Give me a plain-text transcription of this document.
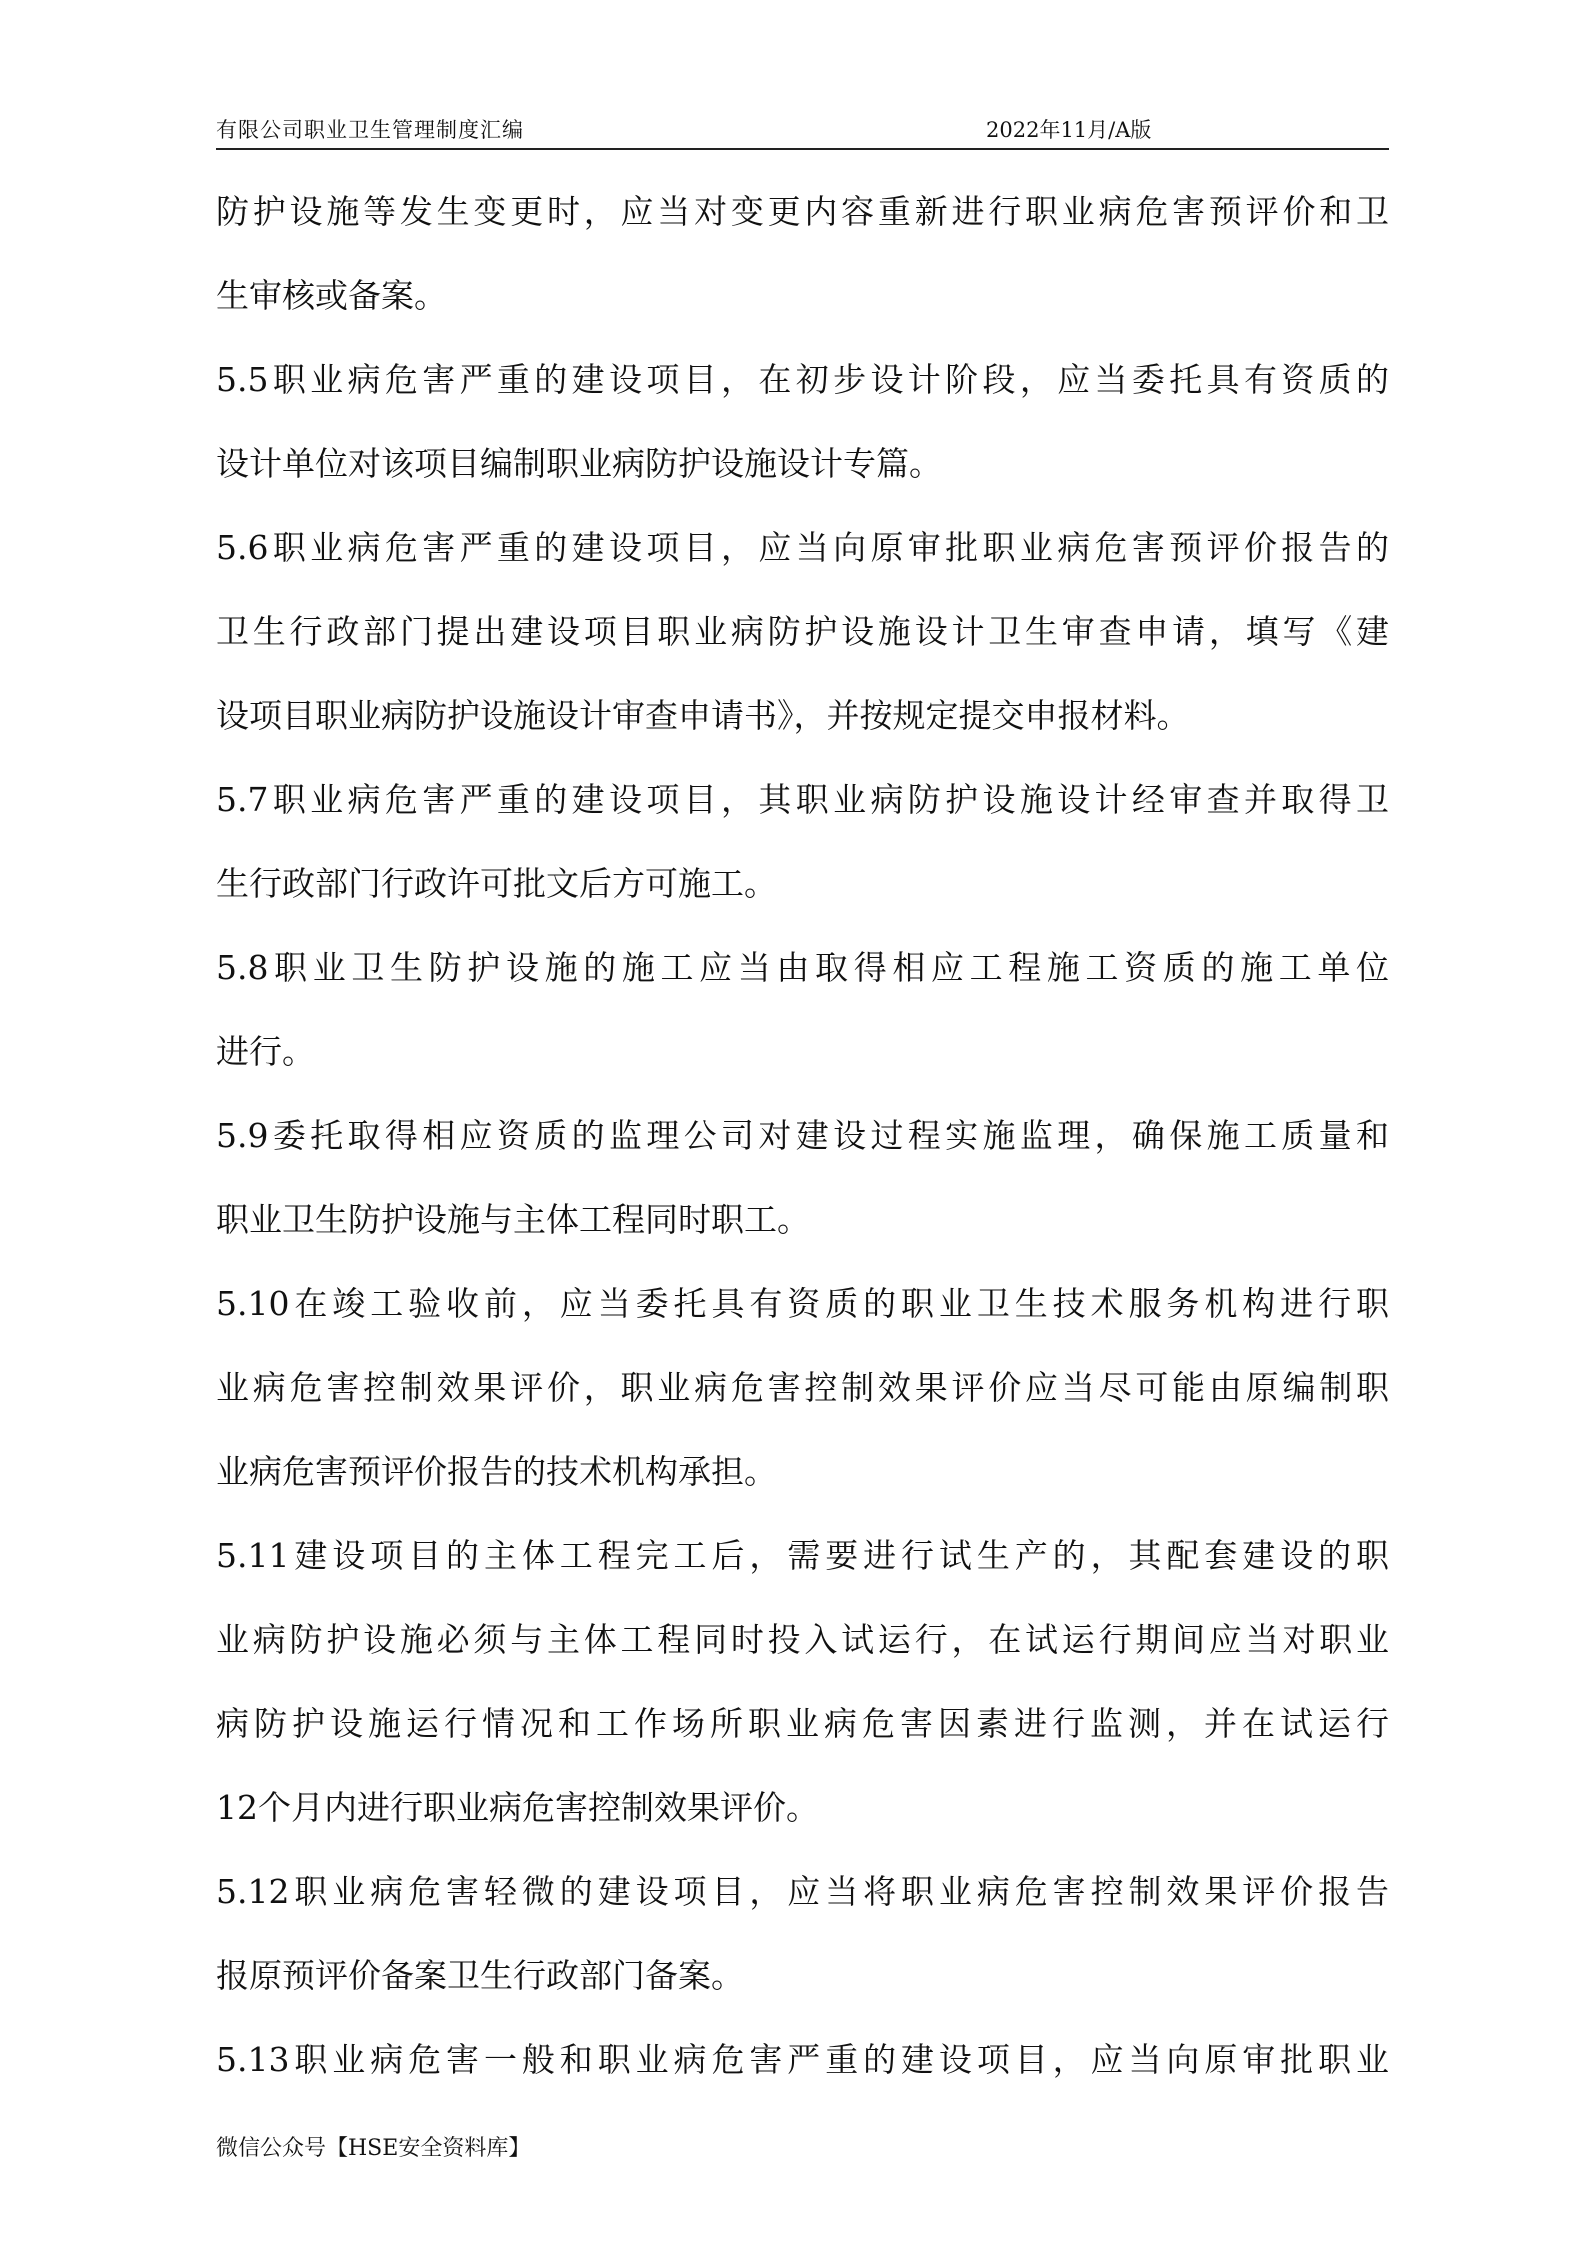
有限公司职业卫生管理制度汇编	2022年11月/A版
防护设施等发生变更时，应当对变更内容重新进行职业病危害预评价和卫
生审核或备案。
5.5职业病危害严重的建设项目，在初步设计阶段，应当委托具有资质的
设计单位对该项目编制职业病防护设施设计专篇。
5.6职业病危害严重的建设项目，应当向原审批职业病危害预评价报告的
卫生行政部门提出建设项目职业病防护设施设计卫生审查申请，填写《建
设项目职业病防护设施设计审查申请书》，并按规定提交申报材料。
5.7职业病危害严重的建设项目，其职业病防护设施设计经审查并取得卫
生行政部门行政许可批文后方可施工。
5.8职业卫生防护设施的施工应当由取得相应工程施工资质的施工单位
进行。
5.9委托取得相应资质的监理公司对建设过程实施监理，确保施工质量和
职业卫生防护设施与主体工程同时职工。
5.10在竣工验收前，应当委托具有资质的职业卫生技术服务机构进行职
业病危害控制效果评价，职业病危害控制效果评价应当尽可能由原编制职
业病危害预评价报告的技术机构承担。
5.11建设项目的主体工程完工后，需要进行试生产的，其配套建设的职
业病防护设施必须与主体工程同时投入试运行，在试运行期间应当对职业
病防护设施运行情况和工作场所职业病危害因素进行监测，并在试运行
12个月内进行职业病危害控制效果评价。
5.12职业病危害轻微的建设项目，应当将职业病危害控制效果评价报告
报原预评价备案卫生行政部门备案。
5.13职业病危害一般和职业病危害严重的建设项目，应当向原审批职业
微信公众号【HSE安全资料库】
